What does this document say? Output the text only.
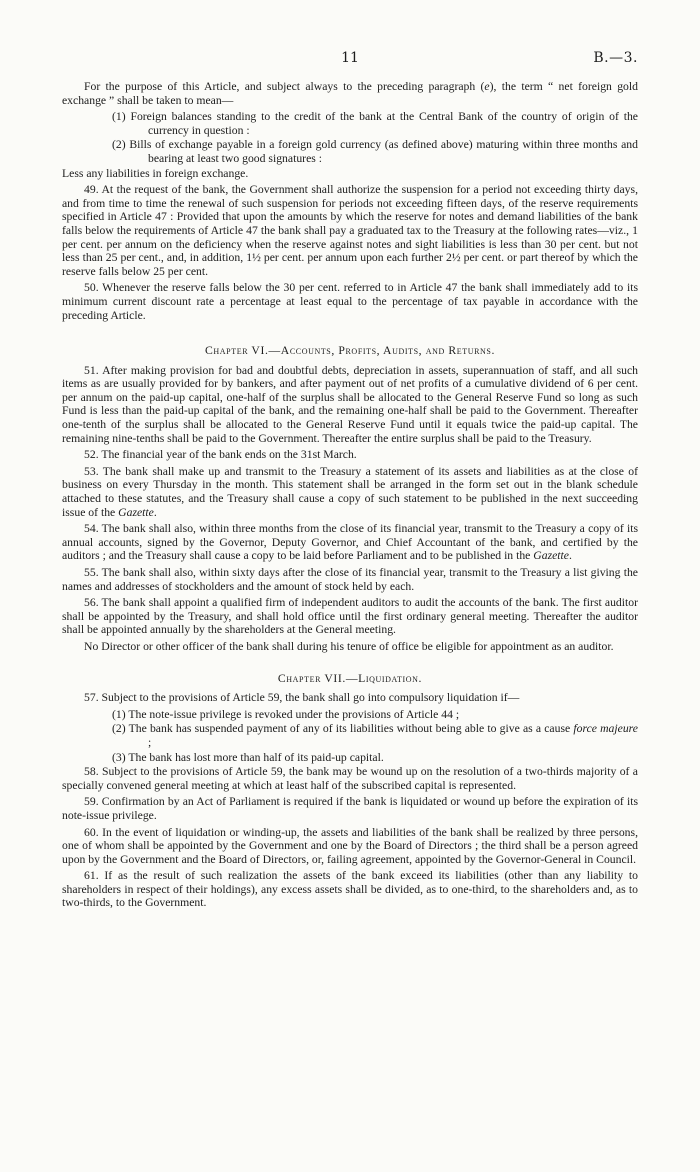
11	B.—3.

For the purpose of this Article, and subject always to the preceding paragraph (e), the term “ net foreign gold exchange ” shall be taken to mean—

(1) Foreign balances standing to the credit of the bank at the Central Bank of the country of origin of the currency in question :

(2) Bills of exchange payable in a foreign gold currency (as defined above) maturing within three months and bearing at least two good signatures :

Less any liabilities in foreign exchange.

49. At the request of the bank, the Government shall authorize the suspension for a period not exceeding thirty days, and from time to time the renewal of such suspension for periods not exceeding fifteen days, of the reserve requirements specified in Article 47 : Provided that upon the amounts by which the reserve for notes and demand liabilities of the bank falls below the requirements of Article 47 the bank shall pay a graduated tax to the Treasury at the following rates—viz., 1 per cent. per annum on the deficiency when the reserve against notes and sight liabilities is less than 30 per cent. but not less than 25 per cent., and, in addition, 1½ per cent. per annum upon each further 2½ per cent. or part thereof by which the reserve falls below 25 per cent.

50. Whenever the reserve falls below the 30 per cent. referred to in Article 47 the bank shall immediately add to its minimum current discount rate a percentage at least equal to the percentage of tax payable in accordance with the preceding Article.

Chapter VI.—Accounts, Profits, Audits, and Returns.

51. After making provision for bad and doubtful debts, depreciation in assets, superannuation of staff, and all such items as are usually provided for by bankers, and after payment out of net profits of a cumulative dividend of 6 per cent. per annum on the paid-up capital, one-half of the surplus shall be allocated to the General Reserve Fund so long as such Fund is less than the paid-up capital of the bank, and the remaining one-half shall be paid to the Government. Thereafter one-tenth of the surplus shall be allocated to the General Reserve Fund until it equals twice the paid-up capital. The remaining nine-tenths shall be paid to the Government. Thereafter the entire surplus shall be paid to the Treasury.

52. The financial year of the bank ends on the 31st March.

53. The bank shall make up and transmit to the Treasury a statement of its assets and liabilities as at the close of business on every Thursday in the month. This statement shall be arranged in the form set out in the blank schedule attached to these statutes, and the Treasury shall cause a copy of such statement to be published in the next succeeding issue of the Gazette.

54. The bank shall also, within three months from the close of its financial year, transmit to the Treasury a copy of its annual accounts, signed by the Governor, Deputy Governor, and Chief Accountant of the bank, and certified by the auditors ; and the Treasury shall cause a copy to be laid before Parliament and to be published in the Gazette.

55. The bank shall also, within sixty days after the close of its financial year, transmit to the Treasury a list giving the names and addresses of stockholders and the amount of stock held by each.

56. The bank shall appoint a qualified firm of independent auditors to audit the accounts of the bank. The first auditor shall be appointed by the Treasury, and shall hold office until the first ordinary general meeting. Thereafter the auditor shall be appointed annually by the shareholders at the General meeting.

No Director or other officer of the bank shall during his tenure of office be eligible for appointment as an auditor.

Chapter VII.—Liquidation.

57. Subject to the provisions of Article 59, the bank shall go into compulsory liquidation if—

(1) The note-issue privilege is revoked under the provisions of Article 44 ;

(2) The bank has suspended payment of any of its liabilities without being able to give as a cause force majeure ;

(3) The bank has lost more than half of its paid-up capital.

58. Subject to the provisions of Article 59, the bank may be wound up on the resolution of a two-thirds majority of a specially convened general meeting at which at least half of the subscribed capital is represented.

59. Confirmation by an Act of Parliament is required if the bank is liquidated or wound up before the expiration of its note-issue privilege.

60. In the event of liquidation or winding-up, the assets and liabilities of the bank shall be realized by three persons, one of whom shall be appointed by the Government and one by the Board of Directors ; the third shall be a person agreed upon by the Government and the Board of Directors, or, failing agreement, appointed by the Governor-General in Council.

61. If as the result of such realization the assets of the bank exceed its liabilities (other than any liability to shareholders in respect of their holdings), any excess assets shall be divided, as to one-third, to the shareholders and, as to two-thirds, to the Government.
